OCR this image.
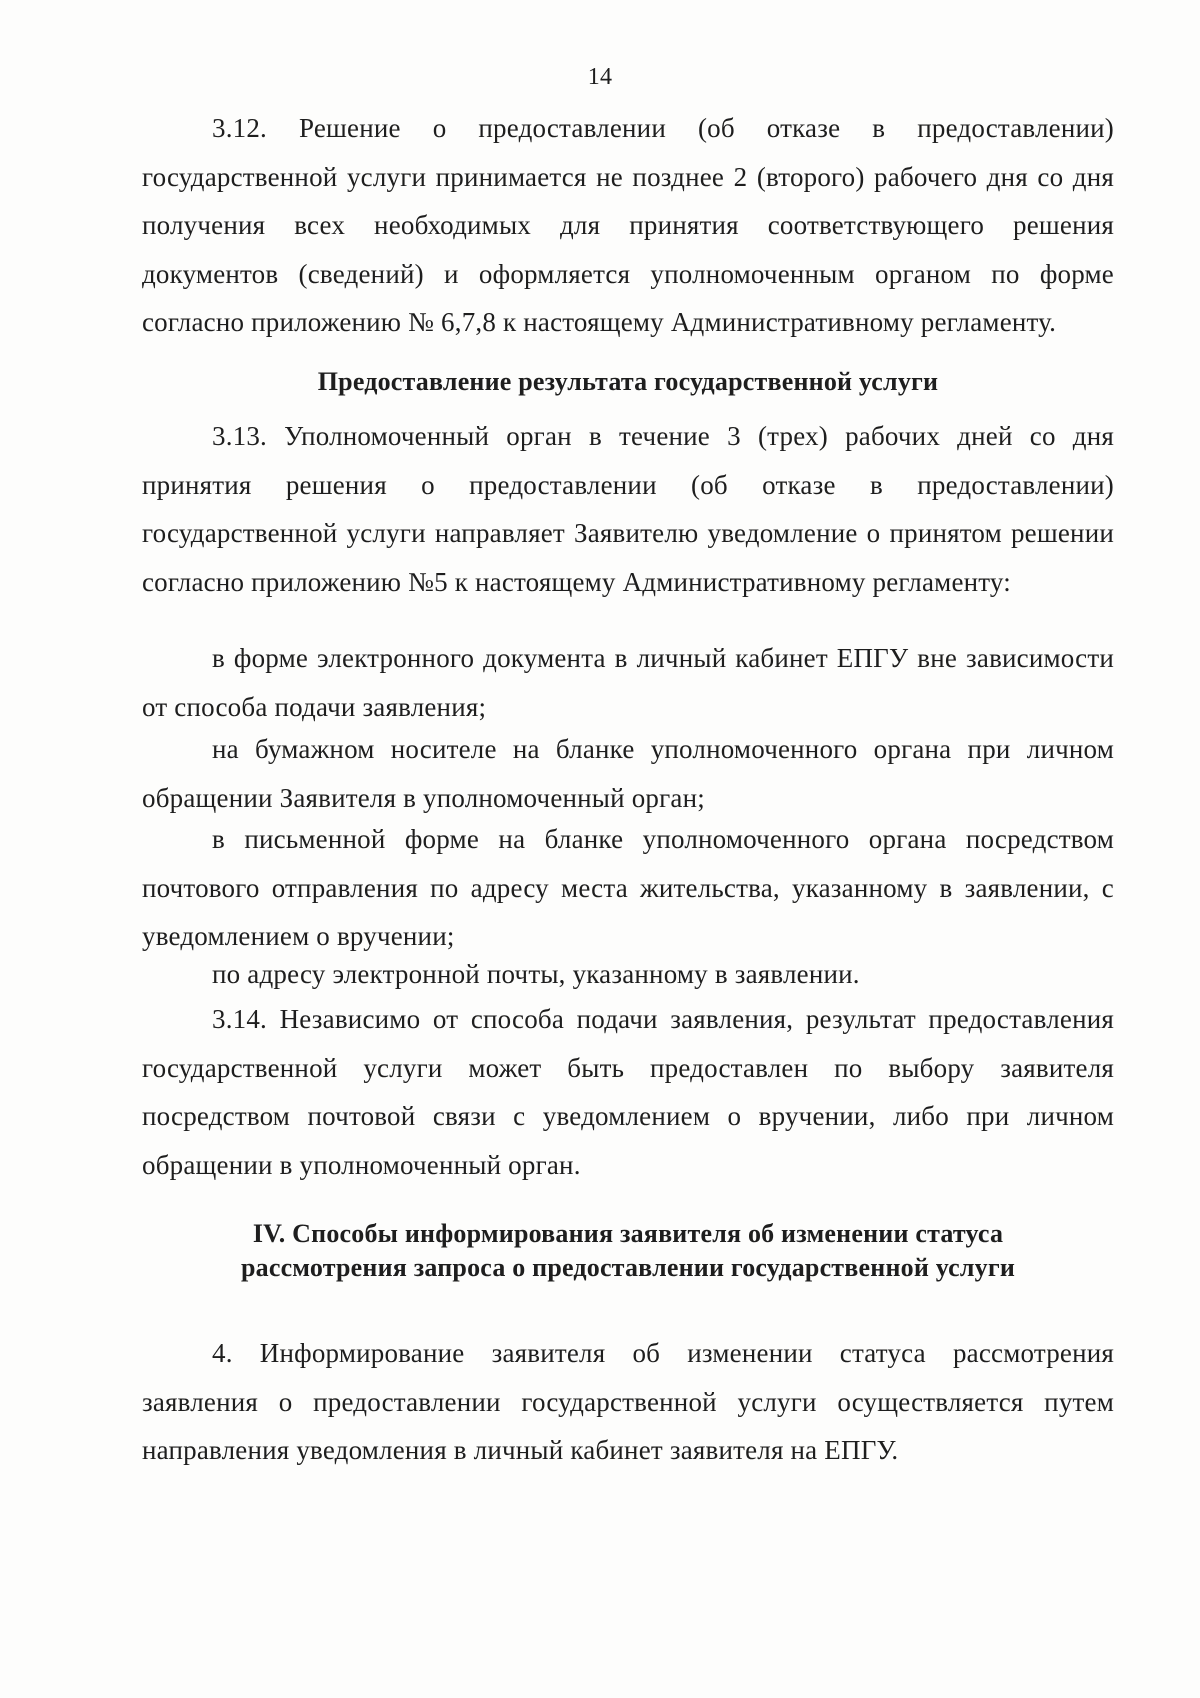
14

3.12. Решение о предоставлении (об отказе в предоставлении) государственной услуги принимается не позднее 2 (второго) рабочего дня со дня получения всех необходимых для принятия соответствующего решения документов (сведений) и оформляется уполномоченным органом по форме согласно приложению № 6,7,8 к настоящему Административному регламенту.

Предоставление результата государственной услуги

3.13. Уполномоченный орган в течение 3 (трех) рабочих дней со дня принятия решения о предоставлении (об отказе в предоставлении) государственной услуги направляет Заявителю уведомление о принятом решении согласно приложению №5 к настоящему Административному регламенту:

в форме электронного документа в личный кабинет ЕПГУ вне зависимости от способа подачи заявления;

на бумажном носителе на бланке уполномоченного органа при личном обращении Заявителя в уполномоченный орган;

в письменной форме на бланке уполномоченного органа посредством почтового отправления по адресу места жительства, указанному в заявлении, с уведомлением о вручении;

по адресу электронной почты, указанному в заявлении.

3.14. Независимо от способа подачи заявления, результат предоставления государственной услуги может быть предоставлен по выбору заявителя посредством почтовой связи с уведомлением о вручении, либо при личном обращении в уполномоченный орган.

IV. Способы информирования заявителя об изменении статуса
рассмотрения запроса о предоставлении государственной услуги

4. Информирование заявителя об изменении статуса рассмотрения заявления о предоставлении государственной услуги осуществляется путем направления уведомления в личный кабинет заявителя на ЕПГУ.
